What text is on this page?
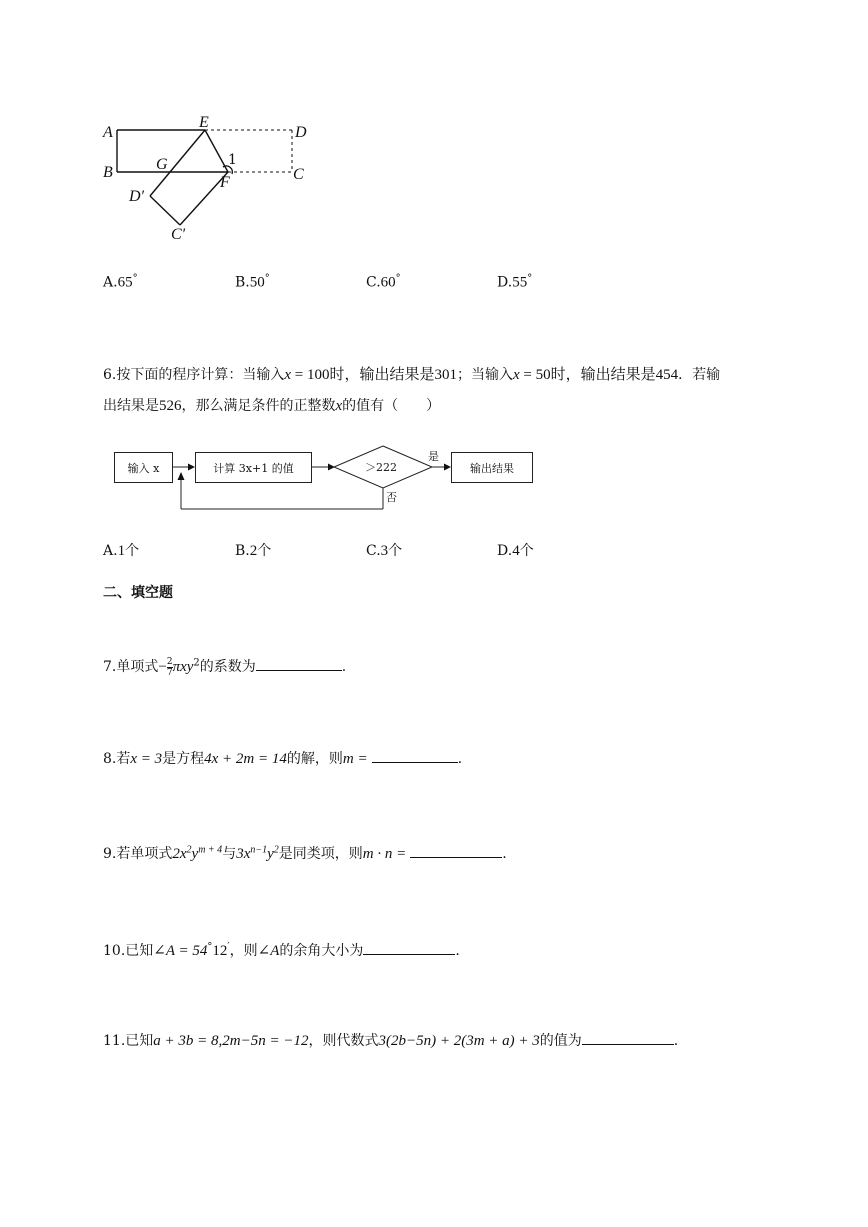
A
E
D
B	G	1
F	C
D′
C′
A.65°	B.50°	C.60°	D.55°
6.按下面的程序计算：当输入x = 100时，输出结果是301；当输入x = 50时，输出结果是454．若输
出结果是526，那么满足条件的正整数x的值有（　　）
输入 x	计算 3x+1 的值	＞222	输出结果
是
否
A.1个	B.2个	C.3个	D.4个
二、填空题
7.单项式− $\frac{2}{7} \pi xy^2$的系数为	.
8.若x = 3是方程4x + 2m = 14的解，则m =	.
9.若单项式$2x^2y^{m + 4}$与$3x^{n-1}y^2$是同类项，则m · n =	.
10.已知∠A = 54°12′，则∠A的余角大小为	.
11.已知a + 3b = 8,2m−5n = −12，则代数式3(2b−5n) + 2(3m + a) + 3的值为	.
